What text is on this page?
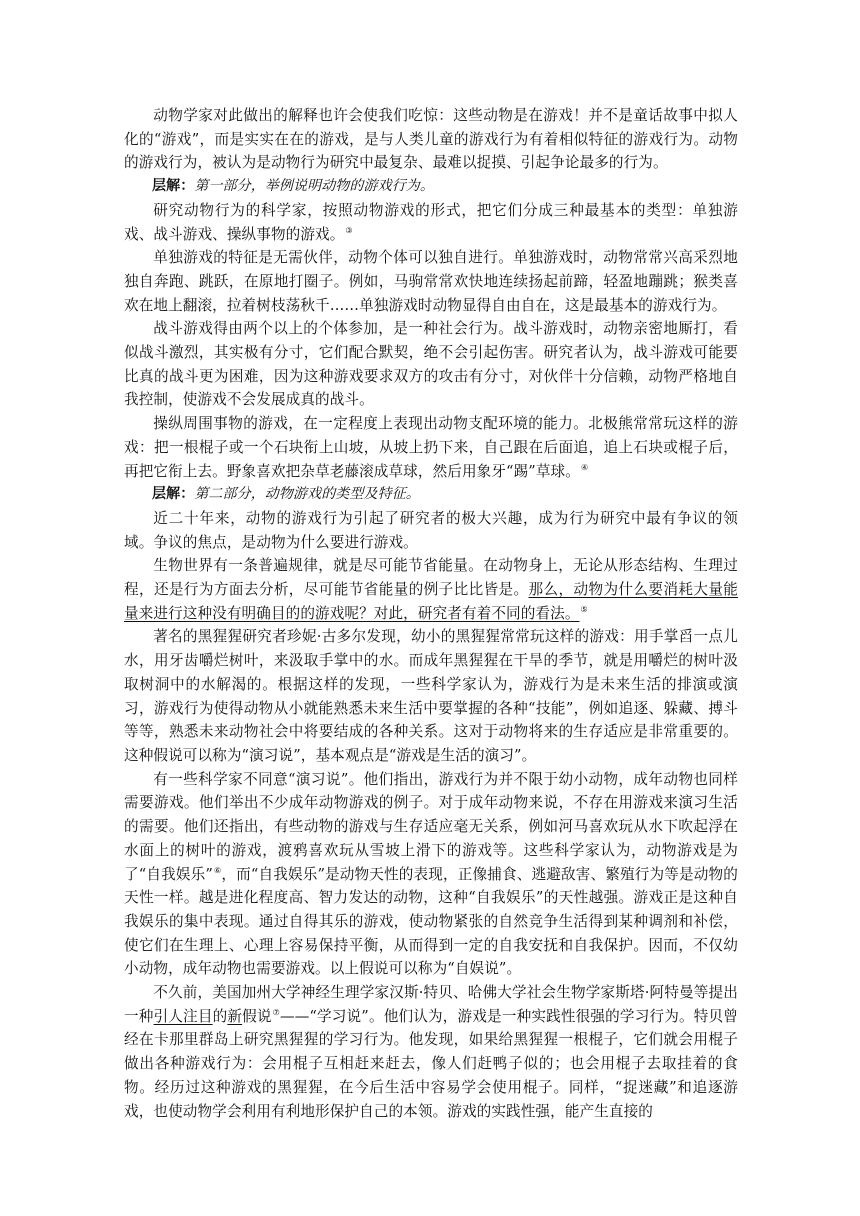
动物学家对此做出的解释也许会使我们吃惊：这些动物是在游戏！并不是童话故事中拟人化的“游戏”，而是实实在在的游戏，是与人类儿童的游戏行为有着相似特征的游戏行为。动物的游戏行为，被认为是动物行为研究中最复杂、最难以捉摸、引起争论最多的行为。

层解：第一部分，举例说明动物的游戏行为。

研究动物行为的科学家，按照动物游戏的形式，把它们分成三种最基本的类型：单独游戏、战斗游戏、操纵事物的游戏。③

单独游戏的特征是无需伙伴，动物个体可以独自进行。单独游戏时，动物常常兴高采烈地独自奔跑、跳跃，在原地打圈子。例如，马驹常常欢快地连续扬起前蹄，轻盈地蹦跳；猴类喜欢在地上翻滚，拉着树枝荡秋千……单独游戏时动物显得自由自在，这是最基本的游戏行为。

战斗游戏得由两个以上的个体参加，是一种社会行为。战斗游戏时，动物亲密地厮打，看似战斗激烈，其实极有分寸，它们配合默契，绝不会引起伤害。研究者认为，战斗游戏可能要比真的战斗更为困难，因为这种游戏要求双方的攻击有分寸，对伙伴十分信赖，动物严格地自我控制，使游戏不会发展成真的战斗。

操纵周围事物的游戏，在一定程度上表现出动物支配环境的能力。北极熊常常玩这样的游戏：把一根棍子或一个石块衔上山坡，从坡上扔下来，自己跟在后面追，追上石块或棍子后，再把它衔上去。野象喜欢把杂草老藤滚成草球，然后用象牙“踢”草球。④

层解：第二部分，动物游戏的类型及特征。

近二十年来，动物的游戏行为引起了研究者的极大兴趣，成为行为研究中最有争议的领域。争议的焦点，是动物为什么要进行游戏。

生物世界有一条普遍规律，就是尽可能节省能量。在动物身上，无论从形态结构、生理过程，还是行为方面去分析，尽可能节省能量的例子比比皆是。那么，动物为什么要消耗大量能量来进行这种没有明确目的的游戏呢？对此，研究者有着不同的看法。⑤

著名的黑猩猩研究者珍妮·古多尔发现，幼小的黑猩猩常常玩这样的游戏：用手掌舀一点儿水，用牙齿嚼烂树叶，来汲取手掌中的水。而成年黑猩猩在干旱的季节，就是用嚼烂的树叶汲取树洞中的水解渴的。根据这样的发现，一些科学家认为，游戏行为是未来生活的排演或演习，游戏行为使得动物从小就能熟悉未来生活中要掌握的各种“技能”，例如追逐、躲藏、搏斗等等，熟悉未来动物社会中将要结成的各种关系。这对于动物将来的生存适应是非常重要的。这种假说可以称为“演习说”，基本观点是“游戏是生活的演习”。

有一些科学家不同意“演习说”。他们指出，游戏行为并不限于幼小动物，成年动物也同样需要游戏。他们举出不少成年动物游戏的例子。对于成年动物来说，不存在用游戏来演习生活的需要。他们还指出，有些动物的游戏与生存适应毫无关系，例如河马喜欢玩从水下吹起浮在水面上的树叶的游戏，渡鸦喜欢玩从雪坡上滑下的游戏等。这些科学家认为，动物游戏是为了“自我娱乐”⑥，而“自我娱乐”是动物天性的表现，正像捕食、逃避敌害、繁殖行为等是动物的天性一样。越是进化程度高、智力发达的动物，这种“自我娱乐”的天性越强。游戏正是这种自我娱乐的集中表现。通过自得其乐的游戏，使动物紧张的自然竞争生活得到某种调剂和补偿，使它们在生理上、心理上容易保持平衡，从而得到一定的自我安抚和自我保护。因而，不仅幼小动物，成年动物也需要游戏。以上假说可以称为“自娱说”。

不久前，美国加州大学神经生理学家汉斯·特贝、哈佛大学社会生物学家斯塔·阿特曼等提出一种引人注目的新假说⑦——“学习说”。他们认为，游戏是一种实践性很强的学习行为。特贝曾经在卡那里群岛上研究黑猩猩的学习行为。他发现，如果给黑猩猩一根棍子，它们就会用棍子做出各种游戏行为：会用棍子互相赶来赶去，像人们赶鸭子似的；也会用棍子去取挂着的食物。经历过这种游戏的黑猩猩，在今后生活中容易学会使用棍子。同样，“捉迷藏”和追逐游戏，也使动物学会利用有利地形保护自己的本领。游戏的实践性强，能产生直接的
